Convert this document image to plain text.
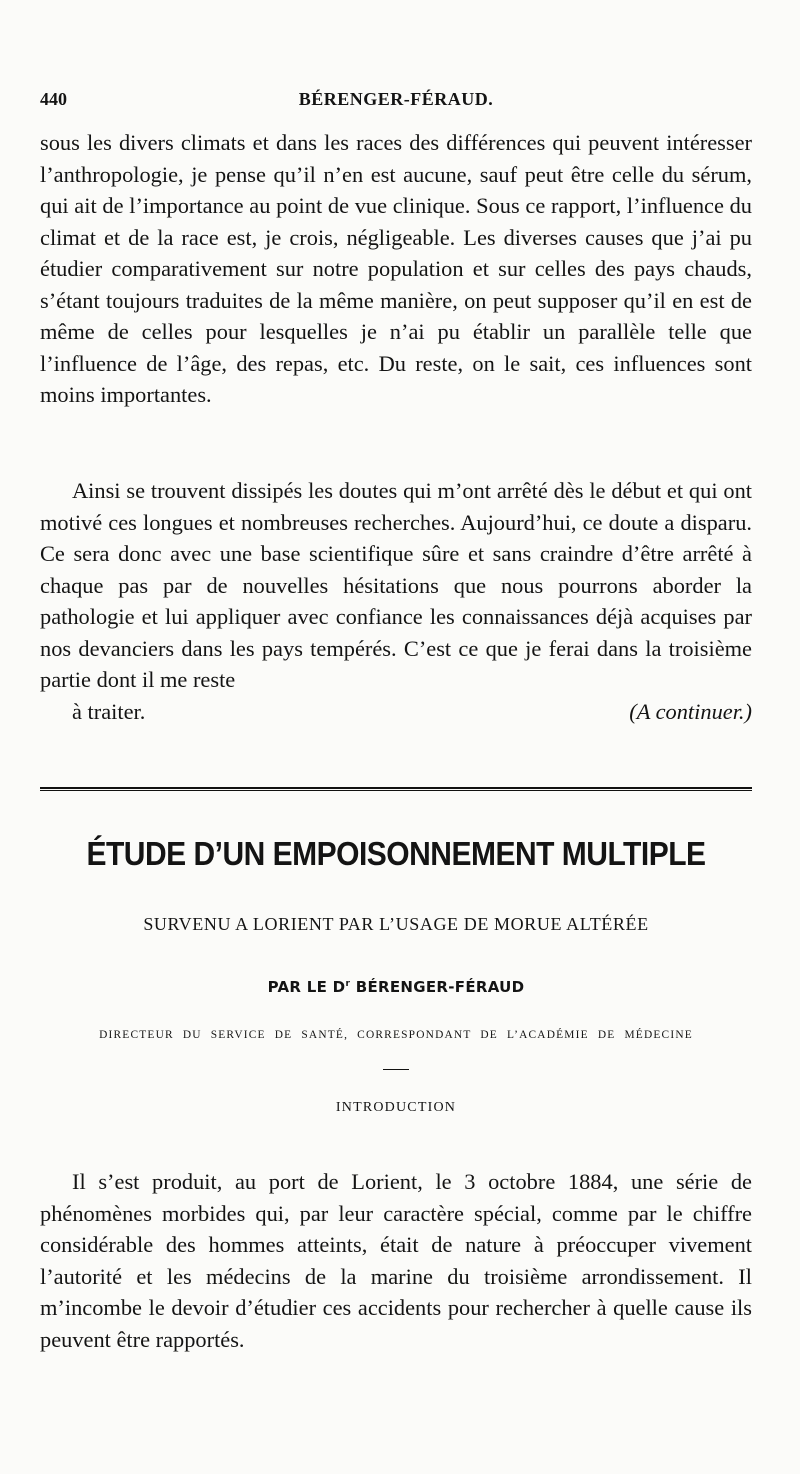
440	BÉRENGER-FÉRAUD.

sous les divers climats et dans les races des différences qui peuvent intéresser l’anthropologie, je pense qu’il n’en est aucune, sauf peut être celle du sérum, qui ait de l’importance au point de vue clinique. Sous ce rapport, l’influence du climat et de la race est, je crois, négligeable. Les diverses causes que j’ai pu étudier comparativement sur notre population et sur celles des pays chauds, s’étant toujours traduites de la même manière, on peut supposer qu’il en est de même de celles pour lesquelles je n’ai pu établir un parallèle telle que l’influence de l’âge, des repas, etc. Du reste, on le sait, ces influences sont moins importantes.

Ainsi se trouvent dissipés les doutes qui m’ont arrêté dès le début et qui ont motivé ces longues et nombreuses recherches. Aujourd’hui, ce doute a disparu. Ce sera donc avec une base scientifique sûre et sans craindre d’être arrêté à chaque pas par de nouvelles hésitations que nous pourrons aborder la pathologie et lui appliquer avec confiance les connaissances déjà acquises par nos devanciers dans les pays tempérés. C’est ce que je ferai dans la troisième partie dont il me reste
à traiter.	(A continuer.)
ÉTUDE D’UN EMPOISONNEMENT MULTIPLE

SURVENU A LORIENT PAR L’USAGE DE MORUE ALTÉRÉE

PAR LE $D^r$ BÉRENGER-FÉRAUD

DIRECTEUR DU SERVICE DE SANTÉ, CORRESPONDANT DE L’ACADÉMIE DE MÉDECINE

INTRODUCTION

Il s’est produit, au port de Lorient, le 3 octobre 1884, une série de phénomènes morbides qui, par leur caractère spécial, comme par le chiffre considérable des hommes atteints, était de nature à préoccuper vivement l’autorité et les médecins de la marine du troisième arrondissement. Il m’incombe le devoir d’étudier ces accidents pour rechercher à quelle cause ils peuvent être rapportés.
